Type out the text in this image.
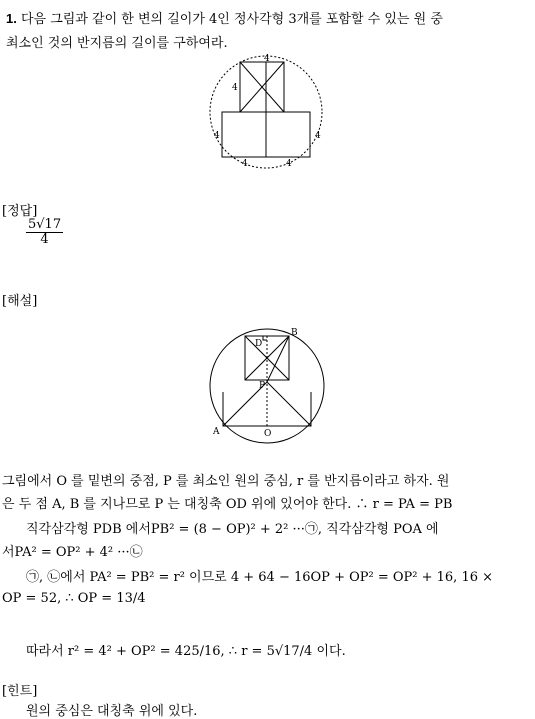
1. 다음 그림과 같이 한 변의 길이가 4인 정사각형 3개를 포함할 수 있는 원 중
최소인 것의 반지름의 길이를 구하여라.
4
4
4	4
4	4
[정답]
$\frac{5√17}{4}$
[해설]
B
D
P
A	O
그림에서 O 를 밑변의 중점, P 를 최소인 원의 중심, r 를 반지름이라고 하자. 원
은 두 점 A, B 를 지나므로 P 는 대칭축 OD 위에 있어야 한다. ∴ r = PA = PB
직각삼각형 PDB 에서PB² = (8 − OP)² + 2² ···㉠, 직각삼각형 POA 에
서PA² = OP² + 4² ···㉡
㉠, ㉡에서 PA² = PB² = r² 이므로 4 + 64 − 16OP + OP² = OP² + 16, 16 ×
OP = 52, ∴ OP = 13/4
따라서 r² = 4² + OP² = 425/16, ∴ r = 5√17/4 이다.
[힌트]
원의 중심은 대칭축 위에 있다.
